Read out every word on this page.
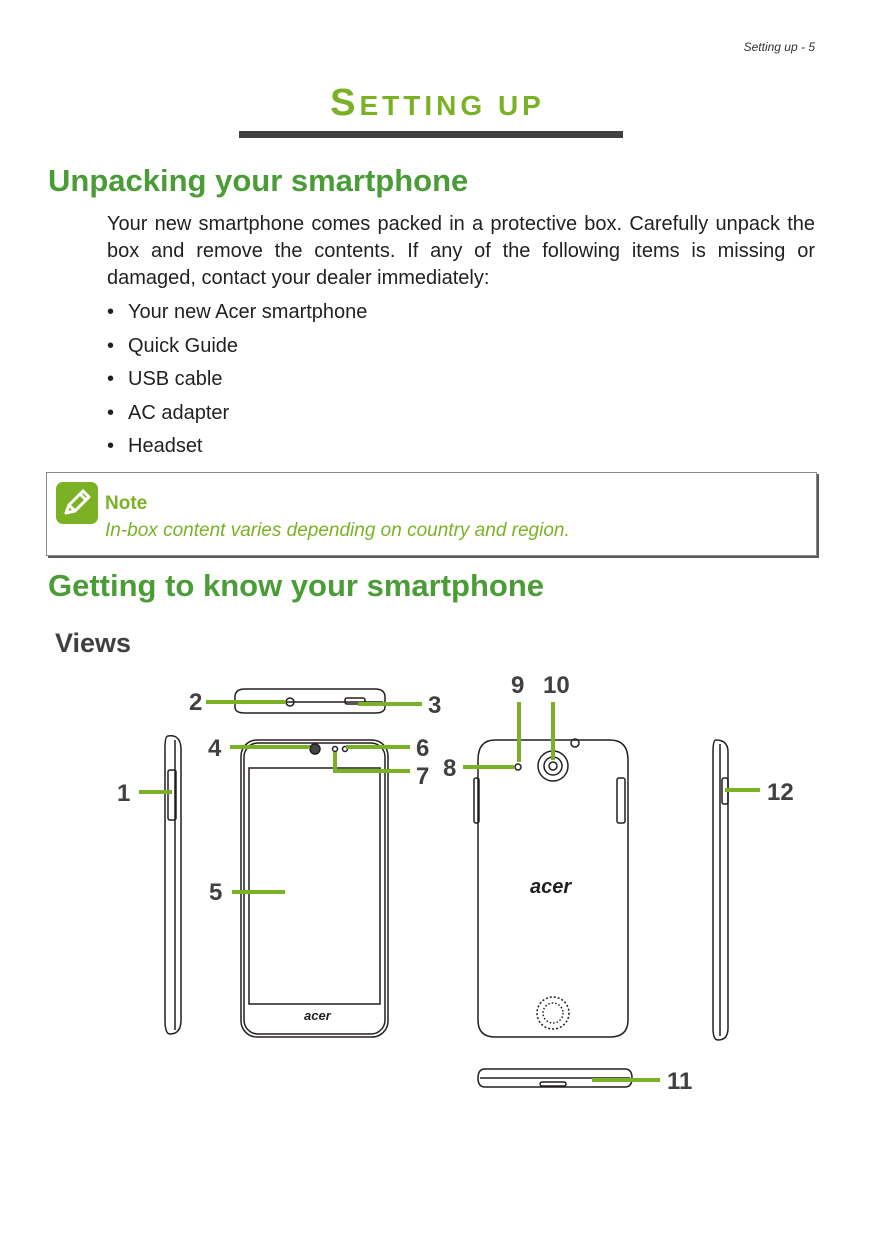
Setting up - 5
SETTING UP
Unpacking your smartphone

Your new smartphone comes packed in a protective box. Carefully unpack the box and remove the contents. If any of the following items is missing or damaged, contact your dealer immediately:

• Your new Acer smartphone
• Quick Guide
• USB cable
• AC adapter
• Headset
Note
In-box content varies depending on country and region.
Getting to know your smartphone
Views
acer
acer
1
2	3
4
5
6
7 8
9 10
11
12
